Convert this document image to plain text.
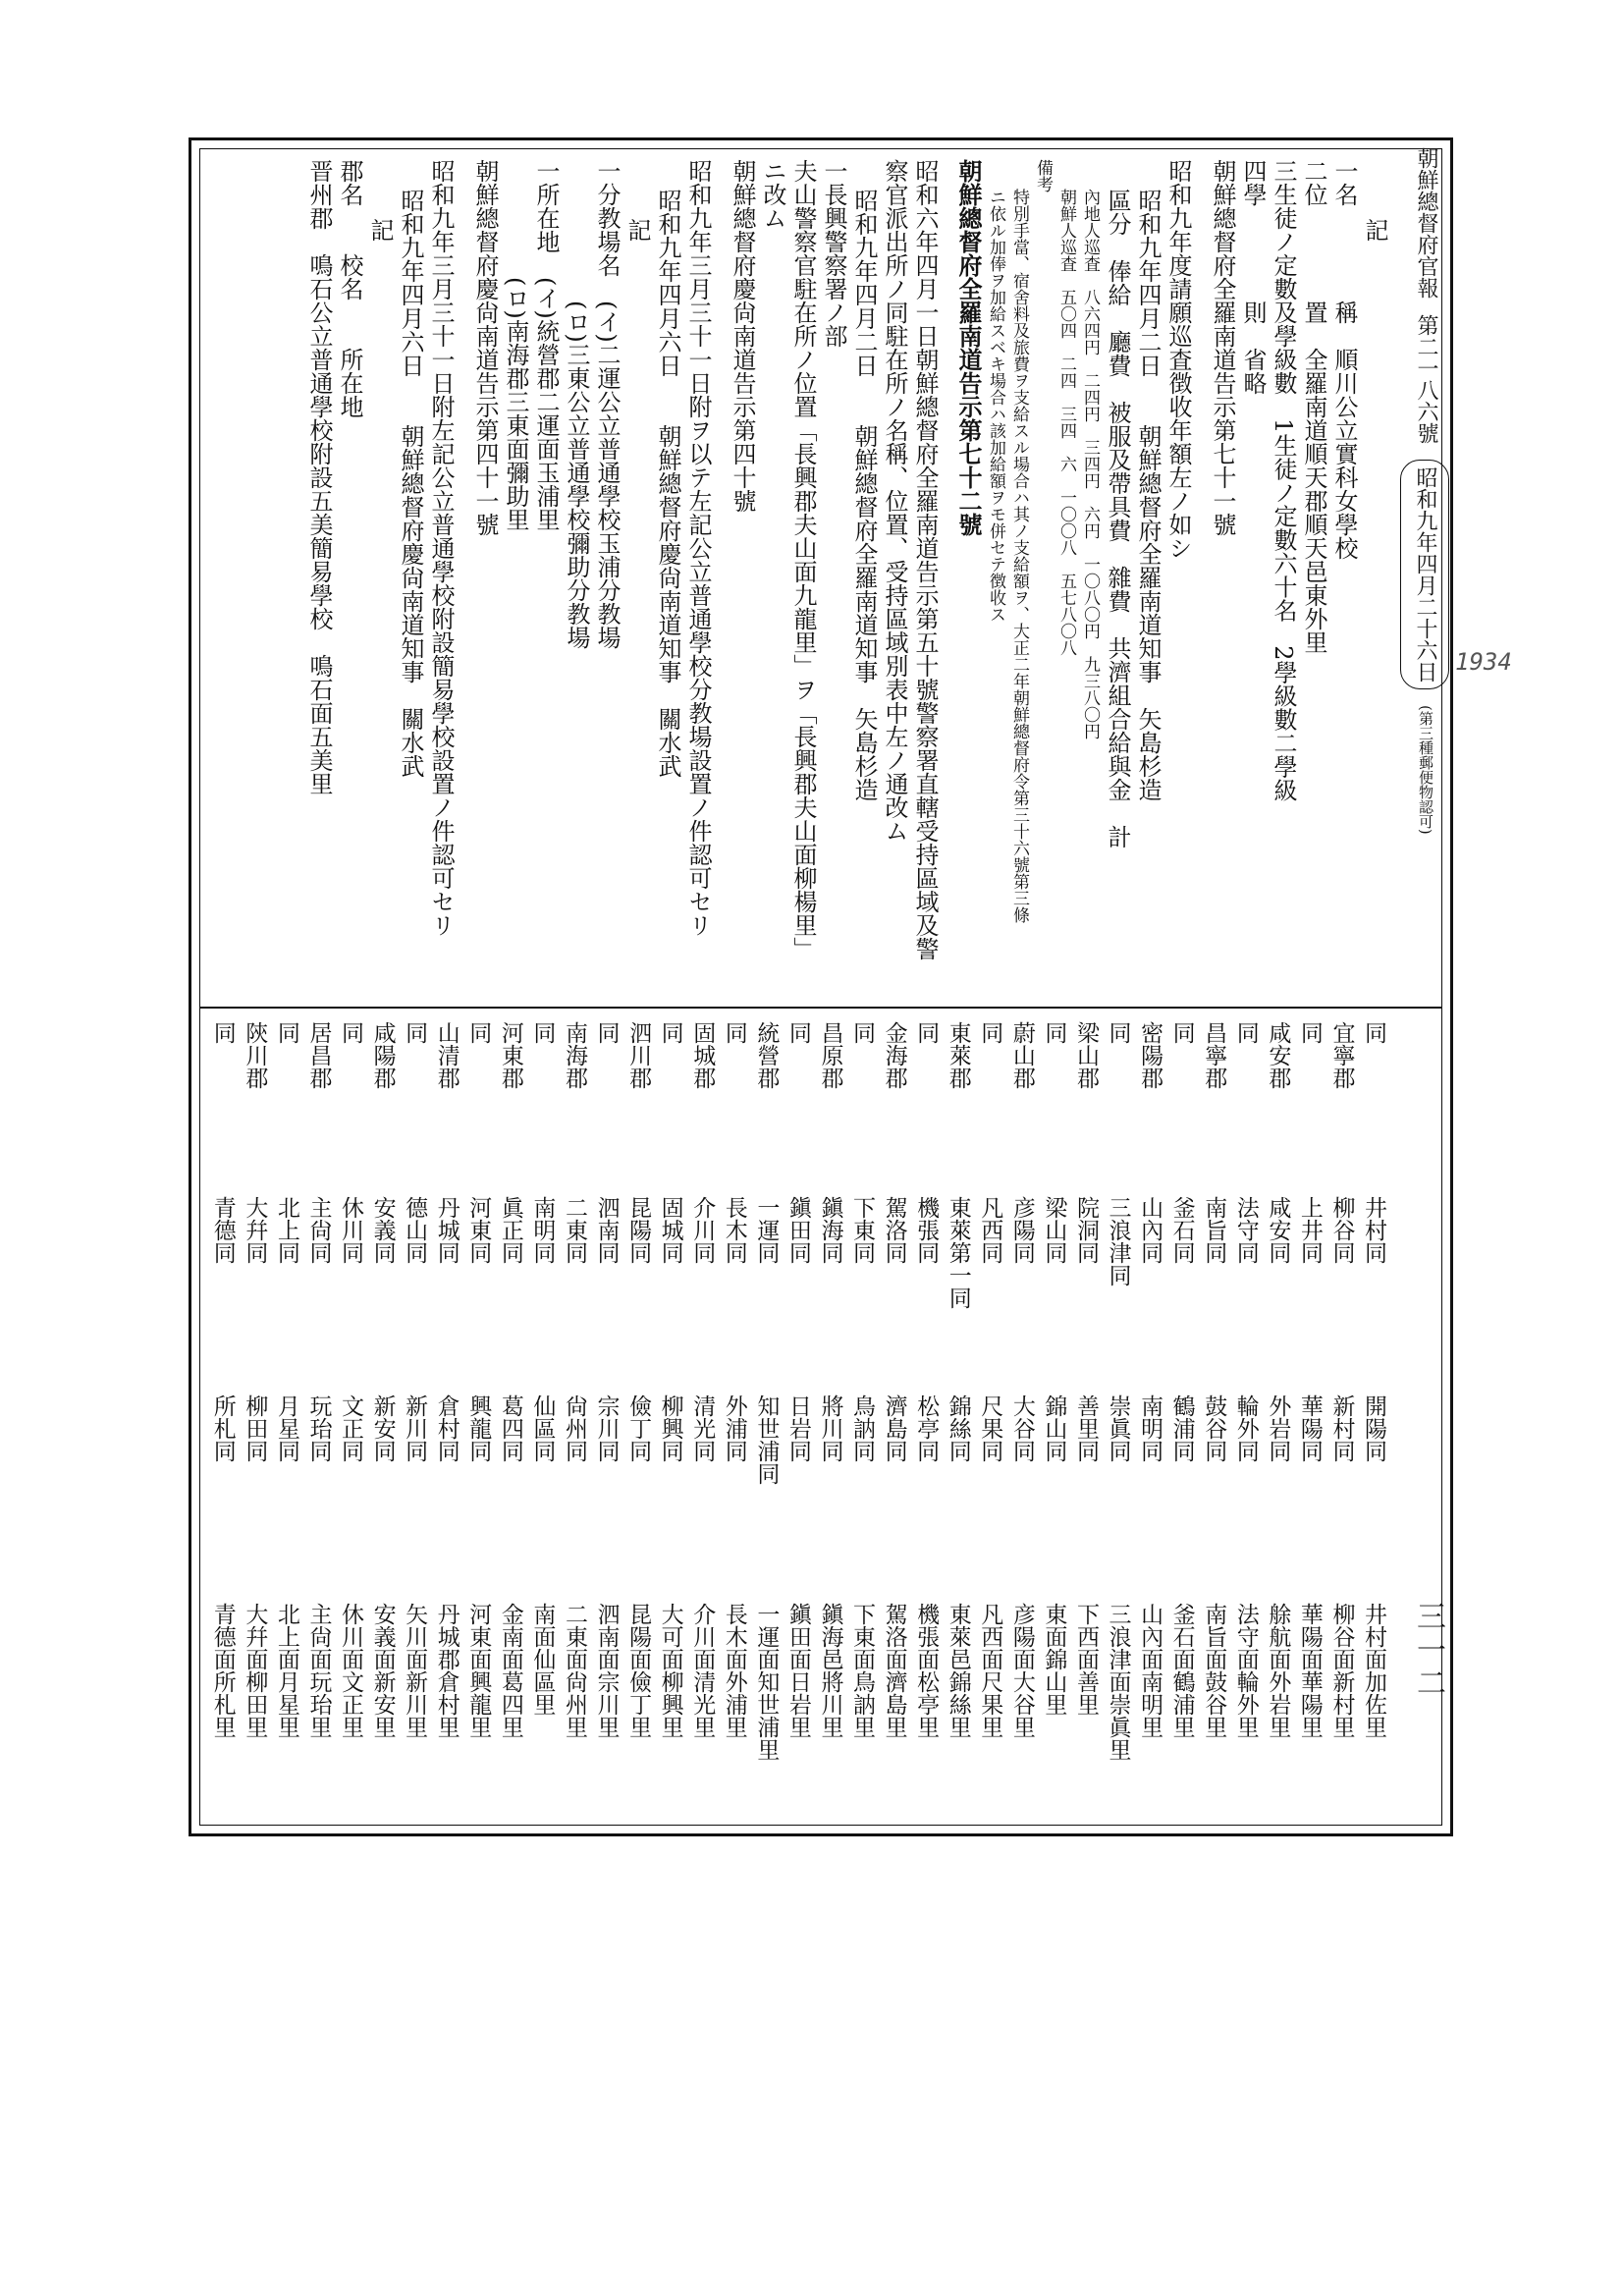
朝鮮總督府官報
第二一八六號
昭和九年四月二十六日
(第三種郵便物認可)
三一二
1934

記

一名　　　　稱　順川公立實科女學校

二位　　　　置　全羅南道順天郡順天邑東外里

三生徒ノ定數及學級數　1生徒ノ定數六十名　2學級數二學級

四學　　　　則　省略

朝鮮總督府全羅南道告示第七十一號

昭和九年度請願巡査徴收年額左ノ如シ

昭和九年四月二日　　朝鮮總督府全羅南道知事　矢島杉造

區分　俸給　廳費　被服及帶具費　雜費　共濟組合給與金　計

內地人巡査　八六四円　二四円　三四円　六円　一〇八〇円　九三八〇円

朝鮮人巡査　五〇四　二四　三四　六　一〇〇八　五七八〇八

備考

特別手當、宿舍料及旅費ヲ支給スル場合ハ其ノ支給額ヲ、大正二年朝鮮總督府令第三十六號第三條

ニ依ル加俸ヲ加給スベキ場合ハ該加給額ヲモ併セテ徴收ス

朝鮮總督府全羅南道告示第七十二號

昭和六年四月一日朝鮮總督府全羅南道告示第五十號警察署直轄受持區域及警

察官派出所ノ同駐在所ノ名稱、位置、受持區域別表中左ノ通改ム

昭和九年四月二日　　朝鮮總督府全羅南道知事　矢島杉造

一長興警察署ノ部

夫山警察官駐在所ノ位置「長興郡夫山面九龍里」ヲ「長興郡夫山面柳楊里」

ニ改ム

朝鮮總督府慶尙南道告示第四十號

昭和九年三月三十一日附ヲ以テ左記公立普通學校分教場設置ノ件認可セリ

昭和九年四月六日　　朝鮮總督府慶尙南道知事　關水武

記

一分教場名　(イ)二運公立普通學校玉浦分教場

　　　　　　(ロ)三東公立普通學校彌助分教場

一所在地　(イ)統營郡二運面玉浦里

　　　　　(ロ)南海郡三東面彌助里

朝鮮總督府慶尙南道告示第四十一號

昭和九年三月三十一日附左記公立普通學校附設簡易學校設置ノ件認可セリ

昭和九年四月六日　　朝鮮總督府慶尙南道知事　關水武

記

郡名　　校名　　所在地

晋州郡　鳴石公立普通學校附設五美簡易學校　鳴石面五美里

同
井村同
開陽同
井村面加佐里
宜寧郡
柳谷同
新村同
柳谷面新村里
同
上井同
華陽同
華陽面華陽里
咸安郡
咸安同
外岩同
艅航面外岩里
同
法守同
輪外同
法守面輪外里
昌寧郡
南旨同
鼓谷同
南旨面鼓谷里
同
釜石同
鶴浦同
釜石面鶴浦里
密陽郡
山內同
南明同
山內面南明里
同
三浪津同
崇眞同
三浪津面崇眞里
梁山郡
院洞同
善里同
下西面善里
同
梁山同
錦山同
東面錦山里
蔚山郡
彦陽同
大谷同
彦陽面大谷里
同
凡西同
尺果同
凡西面尺果里
東萊郡
東萊第一同
錦絲同
東萊邑錦絲里
同
機張同
松亭同
機張面松亭里
金海郡
駕洛同
濟島同
駕洛面濟島里
同
下東同
鳥訥同
下東面鳥訥里
昌原郡
鎭海同
將川同
鎭海邑將川里
同
鎭田同
日岩同
鎭田面日岩里
統營郡
一運同
知世浦同
一運面知世浦里
同
長木同
外浦同
長木面外浦里
固城郡
介川同
清光同
介川面清光里
同
固城同
柳興同
大可面柳興里
泗川郡
昆陽同
儉丁同
昆陽面儉丁里
同
泗南同
宗川同
泗南面宗川里
南海郡
二東同
尙州同
二東面尙州里
同
南明同
仙區同
南面仙區里
河東郡
眞正同
葛四同
金南面葛四里
同
河東同
興龍同
河東面興龍里
山清郡
丹城同
倉村同
丹城郡倉村里
同
德山同
新川同
矢川面新川里
咸陽郡
安義同
新安同
安義面新安里
同
休川同
文正同
休川面文正里
居昌郡
主尙同
玩珆同
主尙面玩珆里
同
北上同
月星同
北上面月星里
陝川郡
大幷同
柳田同
大幷面柳田里
同
青德同
所札同
青德面所札里
